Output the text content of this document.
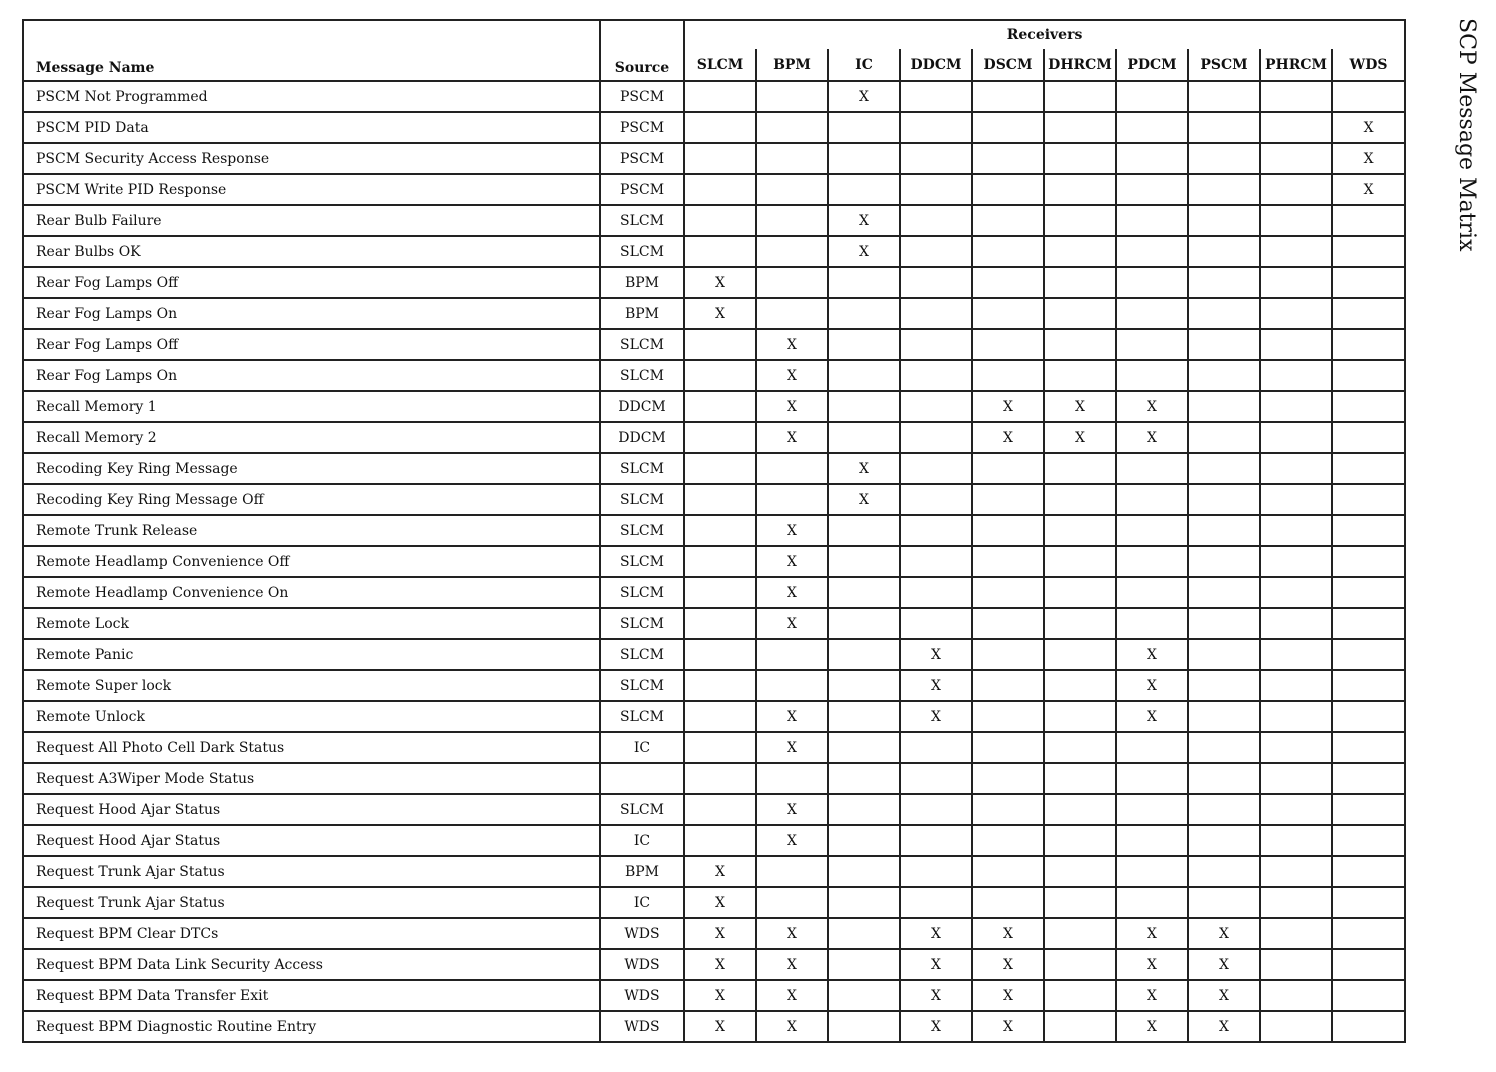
Message Name	Source	Receivers									
		SLCM	BPM	IC	DDCM	DSCM	DHRCM	PDCM	PSCM	PHRCM	WDS
PSCM Not Programmed	PSCM			X							
PSCM PID Data	PSCM										X
PSCM Security Access Response	PSCM										X
PSCM Write PID Response	PSCM										X
Rear Bulb Failure	SLCM			X							
Rear Bulbs OK	SLCM			X							
Rear Fog Lamps Off	BPM	X									
Rear Fog Lamps On	BPM	X									
Rear Fog Lamps Off	SLCM		X								
Rear Fog Lamps On	SLCM		X								
Recall Memory 1	DDCM		X			X	X	X			
Recall Memory 2	DDCM		X			X	X	X			
Recoding Key Ring Message	SLCM			X							
Recoding Key Ring Message Off	SLCM			X							
Remote Trunk Release	SLCM		X								
Remote Headlamp Convenience Off	SLCM		X								
Remote Headlamp Convenience On	SLCM		X								
Remote Lock	SLCM		X								
Remote Panic	SLCM				X			X			
Remote Super lock	SLCM				X			X			
Remote Unlock	SLCM		X		X			X			
Request All Photo Cell Dark Status	IC		X								
Request A3Wiper Mode Status											
Request Hood Ajar Status	SLCM		X								
Request Hood Ajar Status	IC		X								
Request Trunk Ajar Status	BPM	X									
Request Trunk Ajar Status	IC	X									
Request BPM Clear DTCs	WDS	X	X		X	X		X	X		
Request BPM Data Link Security Access	WDS	X	X		X	X		X	X		
Request BPM Data Transfer Exit	WDS	X	X		X	X		X	X		
Request BPM Diagnostic Routine Entry	WDS	X	X		X	X		X	X		
SCP Message Matrix
